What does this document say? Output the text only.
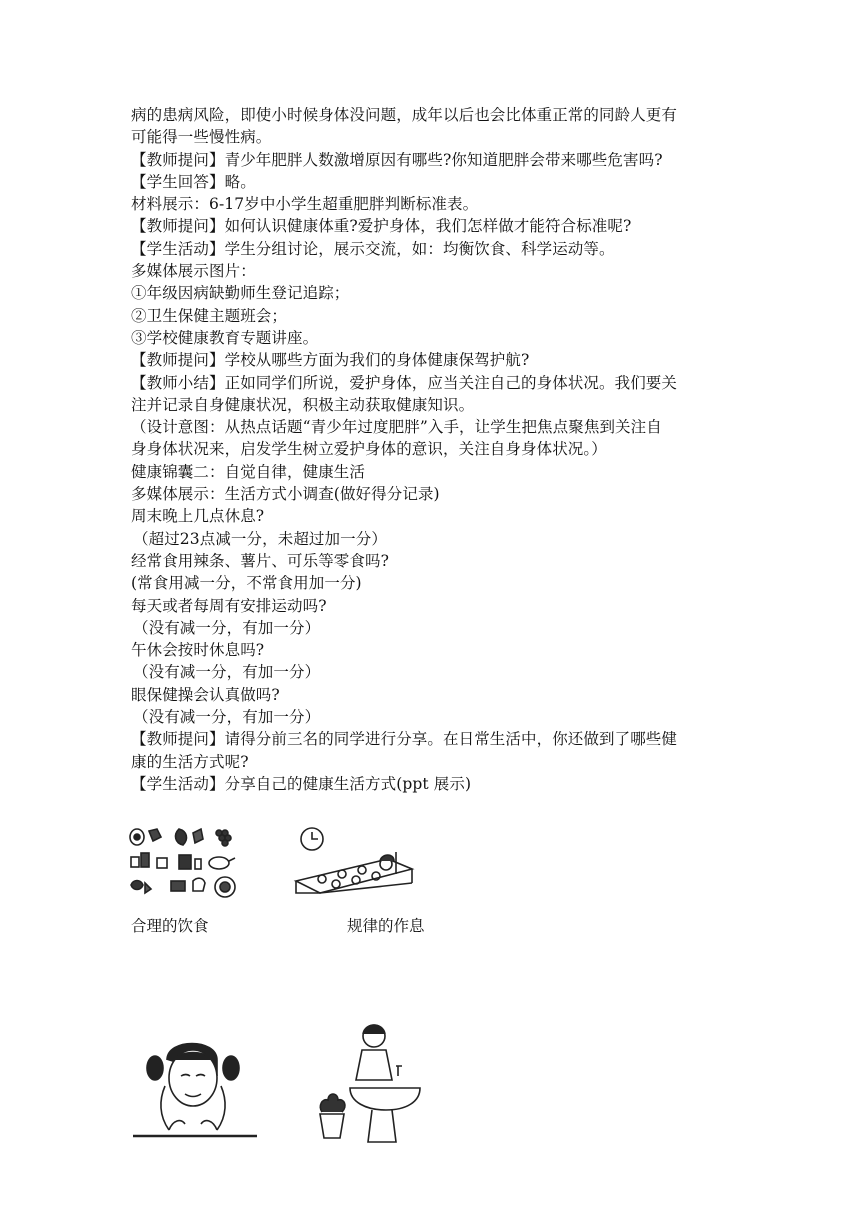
病的患病风险，即使小时候身体没问题，成年以后也会比体重正常的同龄人更有
可能得一些慢性病。
【教师提问】青少年肥胖人数激增原因有哪些?你知道肥胖会带来哪些危害吗?
【学生回答】略。
材料展示：6-17岁中小学生超重肥胖判断标准表。
【教师提问】如何认识健康体重?爱护身体，我们怎样做才能符合标准呢?
【学生活动】学生分组讨论，展示交流，如：均衡饮食、科学运动等。
多媒体展示图片：
①年级因病缺勤师生登记追踪；
②卫生保健主题班会；
③学校健康教育专题讲座。
【教师提问】学校从哪些方面为我们的身体健康保驾护航?
【教师小结】正如同学们所说，爱护身体，应当关注自己的身体状况。我们要关
注并记录自身健康状况，积极主动获取健康知识。
（设计意图：从热点话题“青少年过度肥胖”入手，让学生把焦点聚焦到关注自
身身体状况来，启发学生树立爱护身体的意识，关注自身身体状况。）
健康锦囊二：自觉自律，健康生活
多媒体展示：生活方式小调查(做好得分记录)
周末晚上几点休息?
（超过23点减一分，未超过加一分）
经常食用辣条、薯片、可乐等零食吗?
(常食用减一分，不常食用加一分)
每天或者每周有安排运动吗?
（没有减一分，有加一分）
午休会按时休息吗?
（没有减一分，有加一分）
眼保健操会认真做吗?
（没有减一分，有加一分）
【教师提问】请得分前三名的同学进行分享。在日常生活中，你还做到了哪些健
康的生活方式呢?
【学生活动】分享自己的健康生活方式(ppt 展示)
合理的饮食	规律的作息
